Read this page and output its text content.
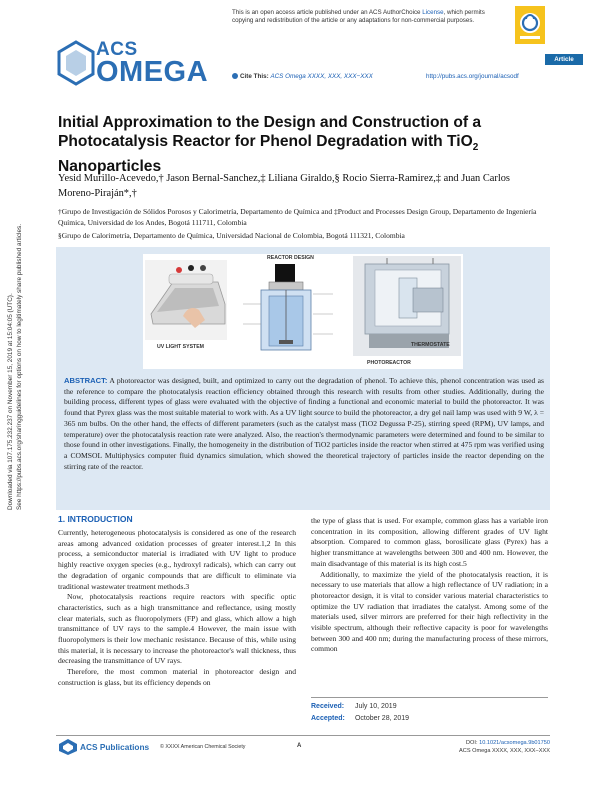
This is an open access article published under an ACS AuthorChoice License, which permits copying and redistribution of the article or any adaptations for non-commercial purposes.
Article
ACS
OMEGA	Cite This: ACS Omega XXXX, XXX, XXX−XXX	http://pubs.acs.org/journal/acsodf
Initial Approximation to the Design and Construction of a Photocatalysis Reactor for Phenol Degradation with TiO$_2$ Nanoparticles
Yesid Murillo-Acevedo,† Jason Bernal-Sanchez,‡ Liliana Giraldo,§ Rocio Sierra-Ramirez,‡ and Juan Carlos Moreno-Piraján*,†

†Grupo de Investigación de Sólidos Porosos y Calorimetría, Departamento de Química and ‡Product and Processes Design Group, Departamento de Ingeniería Química, Universidad de los Andes, Bogotá 111711, Colombia

§Grupo de Calorimetría, Departamento de Química, Universidad Nacional de Colombia, Bogotá 111321, Colombia

Downloaded via 107.175.232.237 on November 15, 2019 at 15:04:05 (UTC). See https://pubs.acs.org/sharingguidelines for options on how to legitimately share published articles.	UV LIGHT SYSTEM
REACTOR DESIGN
THERMOSTATE
PHOTOREACTOR
ABSTRACT: A photoreactor was designed, built, and optimized to carry out the degradation of phenol. To achieve this, phenol concentration was used as the reference to compare the photocatalysis reaction efficiency obtained through this research with results from other studies. Additionally, during the building process, different types of glass were evaluated with the objective of finding a functional and economic material to build the photoreactor. It was found that Pyrex glass was the most suitable material to work with. As a UV light source to build the photoreactor, a dry gel nail lamp was used with 9 W, λ = 365 nm bulbs. On the other hand, the effects of different parameters (such as the catalyst mass (TiO2 Degussa P-25), stirring speed (RPM), UV lamps, and temperature) over the photocatalysis reaction rate were analyzed. Also, the reaction's thermodynamic parameters were determined and found to be similar to those found in other investigations. Finally, the homogeneity in the distribution of TiO2 particles inside the reactor when stirred at 475 rpm was verified using a COMSOL Multiphysics computer fluid dynamics simulation, which showed the theoretical trajectory of particles inside the reactor depending on the stirring rate of the reactor.
1. INTRODUCTION

Currently, heterogeneous photocatalysis is considered as one of the research areas among advanced oxidation processes of greater interest.1,2 In this process, a semiconductor material is irradiated with UV light to produce highly reactive oxygen species (e.g., hydroxyl radicals), which can carry out the degradation of organic compounds that are difficult to eliminate via traditional wastewater treatment methods.3

Now, photocatalysis reactions require reactors with specific optic characteristics, such as a high transmittance and reflectance, using mostly clear materials, such as fluoropolymers (FP) and glass, which allow a high transmittance of UV rays to the sample.4 However, the main issue with fluoropolymers is their low mechanic resistance. Because of this, while using this material, it is necessary to increase the photoreactor's wall thickness, thus decreasing the transmittance of UV rays.

Therefore, the most common material in photoreactor design and construction is glass, but its efficiency depends on

the type of glass that is used. For example, common glass has a variable iron concentration in its composition, allowing different grades of UV light absorption. Compared to common glass, borosilicate glass (Pyrex) has a higher transmittance at wavelengths between 300 and 400 nm. However, the main disadvantage of this material is its high cost.5

Additionally, to maximize the yield of the photocatalysis reaction, it is necessary to use materials that allow a high reflectance of UV radiation; in a photoreactor design, it is vital to consider various material characteristics to optimize the UV radiation that irradiates the catalyst. Among some of the materials used, silver mirrors are preferred for their high reflectivity in the visible spectrum, although their reflective capacity is poor for wavelengths between 300 and 400 nm; during the manufacturing process of these mirrors, common

Received: July 10, 2019
Accepted: October 28, 2019
ACS Publications © XXXX American Chemical Society	A	DOI: 10.1021/acsomega.9b01750
ACS Omega XXXX, XXX, XXX−XXX
